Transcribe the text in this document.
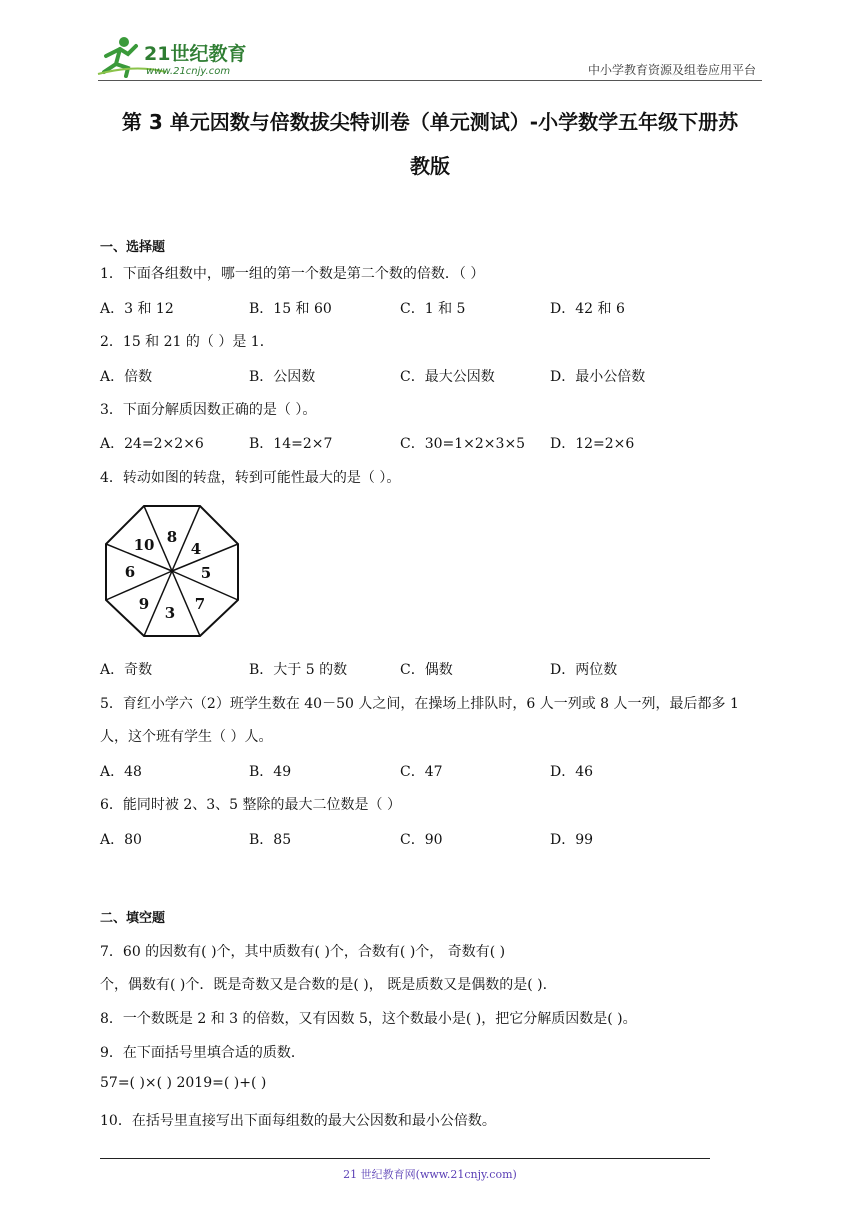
21世纪教育
www.21cnjy.com	中小学教育资源及组卷应用平台
第 3 单元因数与倍数拔尖特训卷（单元测试）-小学数学五年级下册苏
教版
一、选择题
1．下面各组数中，哪一组的第一个数是第二个数的倍数．（ ）
A．3 和 12	B．15 和 60	C．1 和 5	D．42 和 6
2．15 和 21 的（ ）是 1．
A．倍数	B．公因数	C．最大公因数	D．最小公倍数
3．下面分解质因数正确的是（ ）。
A．24=2×2×6	B．14=2×7	C．30=1×2×3×5 D．12=2×6
4．转动如图的转盘，转到可能性最大的是（ ）。
8
4
5
7
3
9
6
10
A．奇数	B．大于 5 的数	C．偶数	D．两位数
5．育红小学六（2）班学生数在 40－50 人之间，在操场上排队时，6 人一列或 8 人一列，最后都多 1
人，这个班有学生（ ）人。
A．48	B．49	C．47	D．46
6．能同时被 2、3、5 整除的最大二位数是（ ）
A．80	B．85	C．90	D．99
二、填空题
7．60 的因数有( )个，其中质数有( )个，合数有( )个， 奇数有( )
个，偶数有( )个．既是奇数又是合数的是( )， 既是质数又是偶数的是( ).
8．一个数既是 2 和 3 的倍数，又有因数 5，这个数最小是( )，把它分解质因数是( )。
9．在下面括号里填合适的质数．
57=( )×( ) 2019=( )+( )
10．在括号里直接写出下面每组数的最大公因数和最小公倍数。
21 世纪教育网(www.21cnjy.com)
